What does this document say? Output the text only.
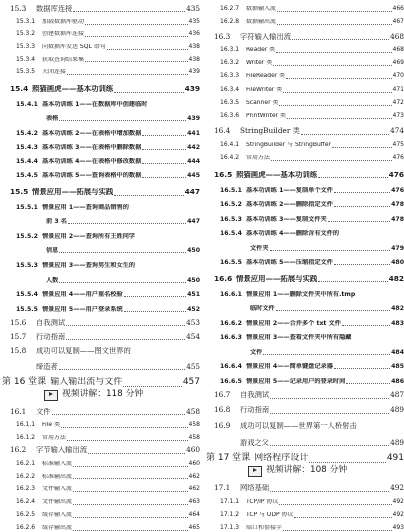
15.3	数据库连接	435
15.3.1	加载数据库驱动	435
15.3.2	创建数据库连接	436
15.3.3	向数据库发送 SQL 语句	438
15.3.4	获取查询结果集	438
15.3.5	关闭连接	439
15.4 照猫画虎——基本功训练	439
15.4.1 基本功训练 1——在数据库中创建临时
表格	439
15.4.2 基本功训练 2——在表格中增加数据	441
15.4.3 基本功训练 3——在表格中删除数据	442
15.4.4 基本功训练 4——在表格中修改数据	444
15.4.5 基本功训练 5——查询表格中的数据	445
15.5 情景应用——拓展与实践	447
15.5.1 情景应用 1——查询商品销售的
前 3 名	447
15.5.2 情景应用 2——查询所有王姓同学
信息	450
15.5.3 情景应用 3——查询男生和女生的
人数	450
15.5.4 情景应用 4——用户重名校验	451
15.5.5 情景应用 5——用户登录系统	452
15.6	自我测试	453
15.7	行动指南	454
15.8	成功可以复制——图文世界的
缔造者	455
第 16 堂课 输入输出流与文件	457
视频讲解：118 分钟
16.1	文件	458
16.1.1	File 类	458
16.1.2	常用方法	458
16.2	字节输入输出流	460
16.2.1	标准输入流	460
16.2.2	标准输出流	462
16.2.3	文件输入流	462
16.2.4	文件输出流	463
16.2.5	缓存输入流	464
16.2.6	缓存输出流	465
16.2.7	数据输入流	466
16.2.8	数据输出流	467
16.3	字符输入输出流	468
16.3.1	Reader 类	468
16.3.2	Writer 类	469
16.3.3	FileReader 类	470
16.3.4	FileWriter 类	471
16.3.5	Scanner 类	472
16.3.6	PrintWriter 类	473
16.4	StringBuilder 类	474
16.4.1	StringBuilder 与 StringBuffer	475
16.4.2	常用方法	476
16.5 照猫画虎——基本功训练	476
16.5.1 基本功训练 1——复制单个文件	476
16.5.2 基本功训练 2——删除指定文件	478
16.5.3 基本功训练 3——复制文件夹	478
16.5.4 基本功训练 4——删除含有文件的
文件夹	479
16.5.5 基本功训练 5——压缩指定文件	480
16.6 情景应用——拓展与实践	482
16.6.1 情景应用 1——删除文件夹中所有.tmp
临时文件	482
16.6.2 情景应用 2——合并多个 txt 文件	483
16.6.3 情景应用 3——查看文件夹中所有隐藏
文件	484
16.6.4 情景应用 4——简单键盘记录器	485
16.6.5 情景应用 5——记录用户的登录时间	486
16.7	自我测试	487
16.8	行动指南	489
16.9	成功可以复制——世界第一人桥射击
游戏之父	489
第 17 堂课 网络程序设计	491
视频讲解：108 分钟
17.1	网络基础	492
17.1.1	TCP/IP 协议	492
17.1.2	TCP 与 UDP 协议	492
17.1.3	端口和套接字	493
